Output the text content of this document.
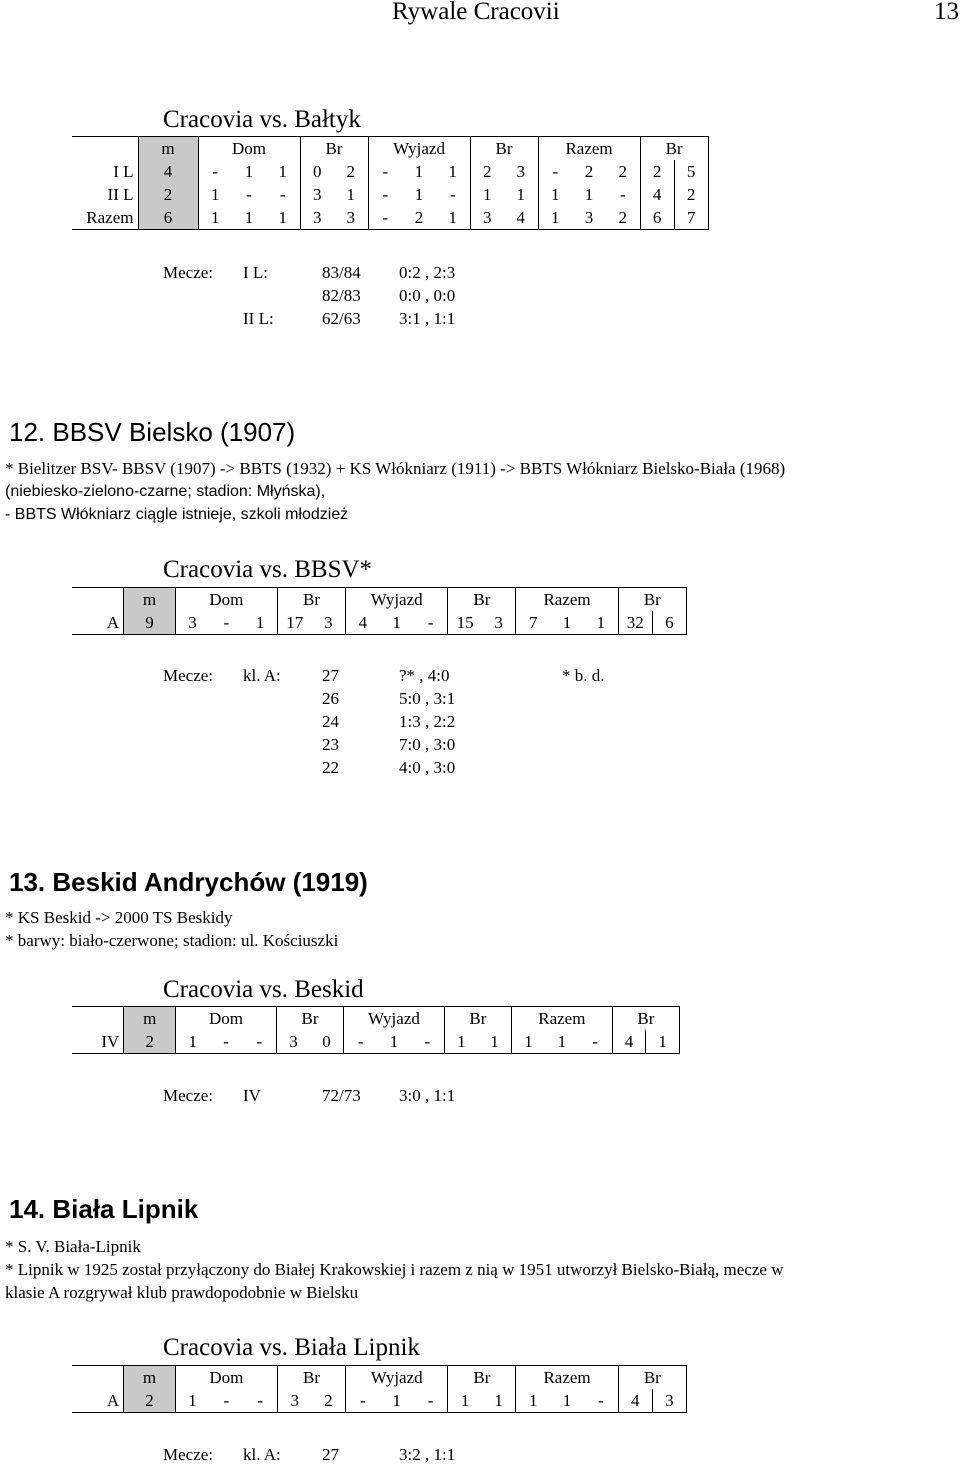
Rywale Cracovii	13
Cracovia vs. Bałtyk
	m	Dom			Br		Wyjazd			Br		Razem			Br	
I L	4	-	1	1	0	2	-	1	1	2	3	-	2	2	2	5
II L	2	1	-	-	3	1	-	1	-	1	1	1	1	-	4	2
Razem	6	1	1	1	3	3	-	2	1	3	4	1	3	2	6	7
Mecze: I L:	83/84 0:2 , 2:3
82/83 0:0 , 0:0
II L:	62/63 3:1 , 1:1
12. BBSV Bielsko (1907)

* Bielitzer BSV- BBSV (1907) -> BBTS (1932) + KS Włókniarz (1911) -> BBTS Włókniarz Bielsko-Biała (1968)

(niebiesko-zielono-czarne; stadion: Młyńska),

- BBTS Włókniarz ciągle istnieje, szkoli młodzież

Cracovia vs. BBSV*
	m	Dom			Br		Wyjazd			Br		Razem			Br	
A	9	3	-	1	17	3	4	1	-	15	3	7	1	1	32	6
Mecze: kl. A: 27	?* , 4:0	* b. d.
26	5:0 , 3:1
24	1:3 , 2:2
23	7:0 , 3:0
22	4:0 , 3:0
13. Beskid Andrychów (1919)

* KS Beskid -> 2000 TS Beskidy

* barwy: biało-czerwone; stadion: ul. Kościuszki

Cracovia vs. Beskid
	m	Dom			Br		Wyjazd			Br		Razem			Br	
IV	2	1	-	-	3	0	-	1	-	1	1	1	1	-	4	1
Mecze: IV	72/73 3:0 , 1:1
14. Biała Lipnik

* S. V. Biała-Lipnik

* Lipnik w 1925 został przyłączony do Białej Krakowskiej i razem z nią w 1951 utworzył Bielsko-Białą, mecze w

klasie A rozgrywał klub prawdopodobnie w Bielsku

Cracovia vs. Biała Lipnik
	m	Dom			Br		Wyjazd			Br		Razem			Br	
A	2	1	-	-	3	2	-	1	-	1	1	1	1	-	4	3
Mecze: kl. A: 27	3:2 , 1:1
